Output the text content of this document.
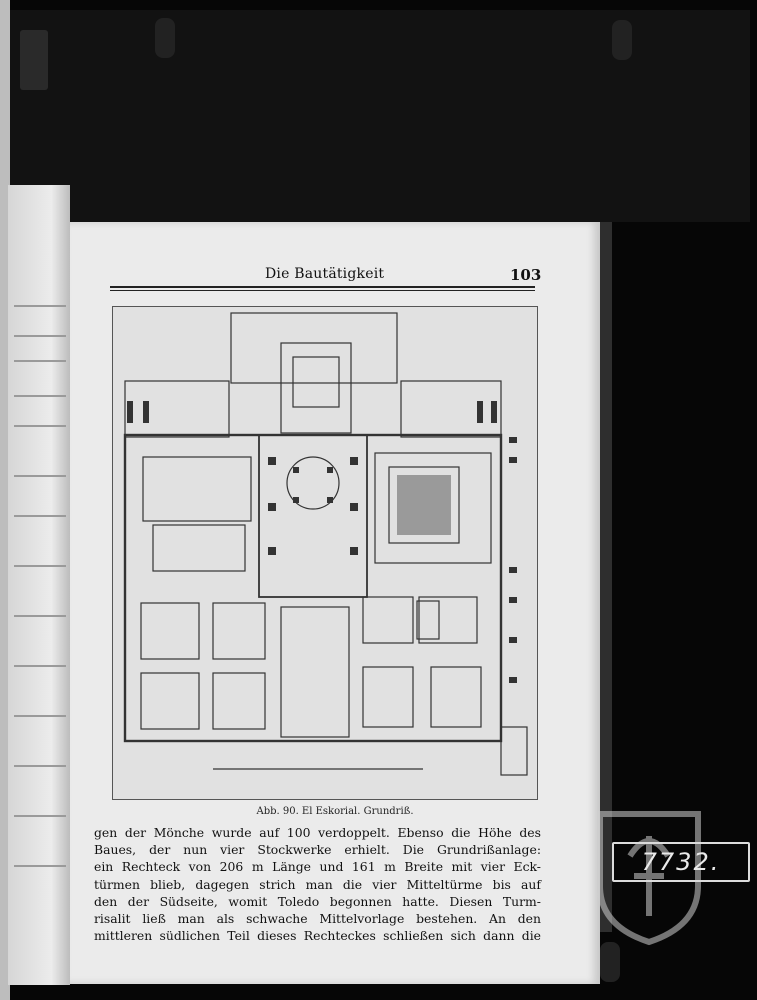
Die Bautätigkeit	103
Abb. 90. El Eskorial. Grundriß.
gen der Mönche wurde auf 100 verdoppelt. Ebenso die Höhe des
Baues, der nun vier Stockwerke erhielt. Die Grundrißanlage:
ein Rechteck von 206 m Länge und 161 m Breite mit vier Eck-
türmen blieb, dagegen strich man die vier Mitteltürme bis auf
den der Südseite, womit Toledo begonnen hatte. Diesen Turm-
risalit ließ man als schwache Mittelvorlage bestehen. An den
mittleren südlichen Teil dieses Rechteckes schließen sich dann die
7732.
